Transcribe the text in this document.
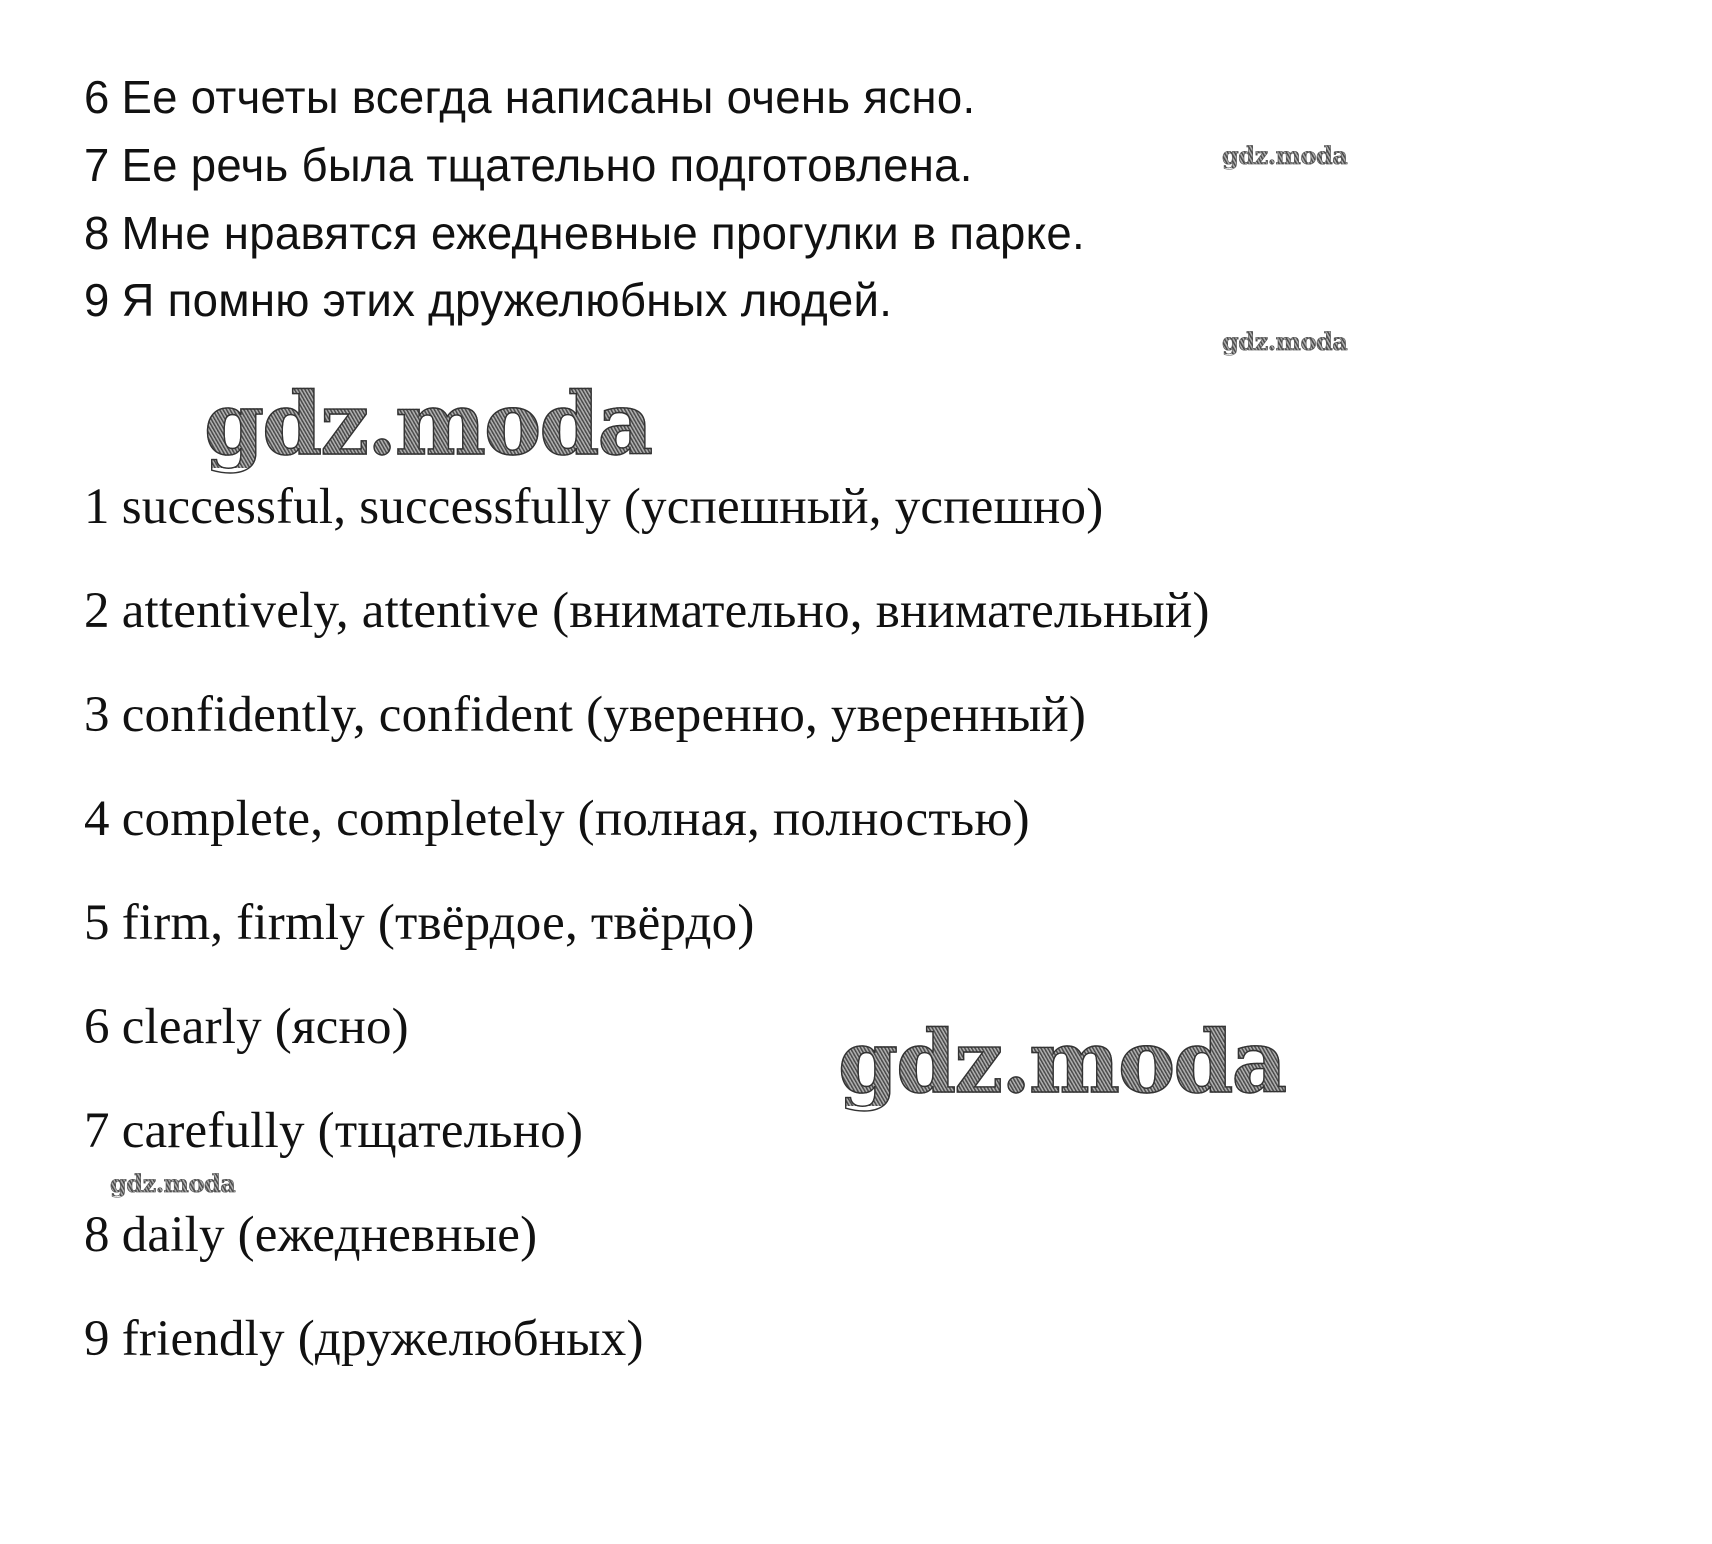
6 Ее отчеты всегда написаны очень ясно.
7 Ее речь была тщательно подготовлена.
8 Мне нравятся ежедневные прогулки в парке.
9 Я помню этих дружелюбных людей.
1 successful, successfully (успешный, успешно)
2 attentively, attentive (внимательно, внимательный)
3 confidently, confident (уверенно, уверенный)
4 complete, completely (полная, полностью)
5 firm, firmly (твёрдое, твёрдо)
6 clearly (ясно)
7 carefully (тщательно)
8 daily (ежедневные)
9 friendly (дружелюбных)
gdz.moda
gdz.moda
gdz.moda
gdz.moda
gdz.moda
